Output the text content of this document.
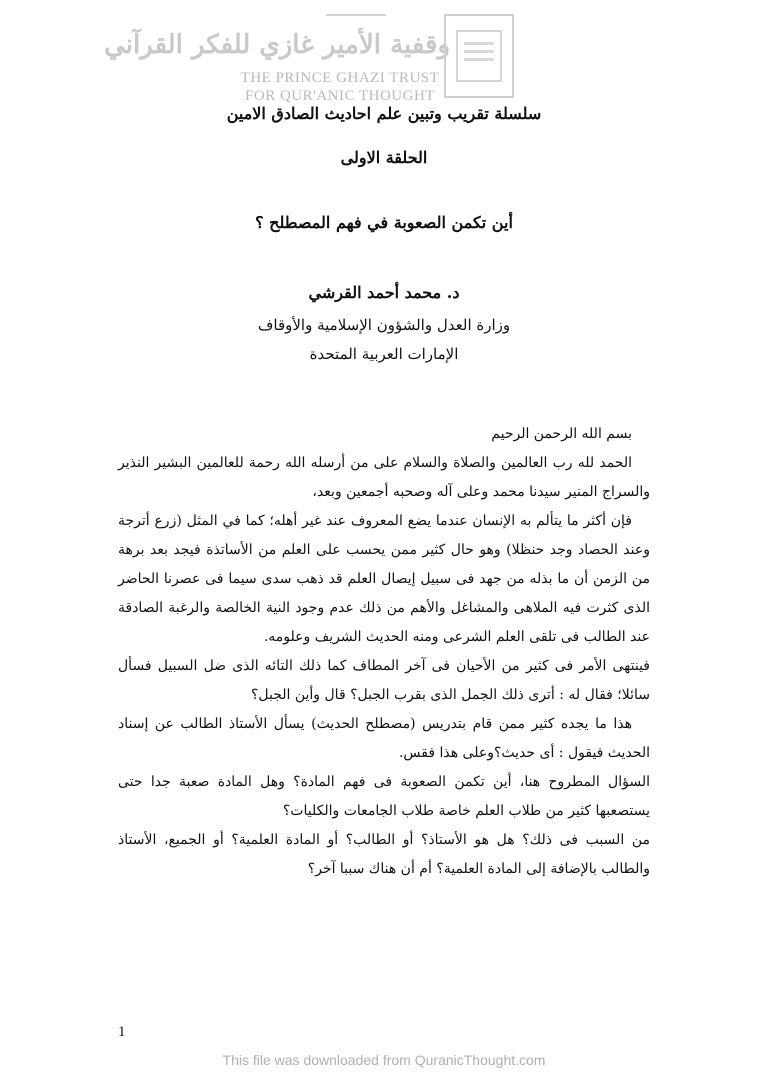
وقفية الأمير غازي للفكر القرآني
THE PRINCE GHAZI TRUST
FOR QUR'ANIC THOUGHT
سلسلة تقريب وتبين علم احاديث الصادق الامين
الحلقة الاولى
أين تكمن الصعوبة في فهم المصطلح ؟
د. محمد أحمد القرشي
وزارة العدل والشؤون الإسلامية والأوقاف
الإمارات العربية المتحدة

بسم الله الرحمن الرحيم

الحمد لله رب العالمين والصلاة والسلام على من أرسله الله رحمة للعالمين البشير النذير والسراج المنير سيدنا محمد وعلى آله وصحبه أجمعين وبعد،

فإن أكثر ما يتألم به الإنسان عندما يضع المعروف عند غير أهله؛ كما في المثل (زرع أترجة وعند الحصاد وجد حنظلا) وهو حال كثير ممن يحسب على العلم من الأساتذة فيجد بعد برهة من الزمن أن ما بذله من جهد فى سبيل إيصال العلم قد ذهب سدى سيما فى عصرنا الحاضر الذى كثرت فيه الملاهى والمشاغل والأهم من ذلك عدم وجود النية الخالصة والرغبة الصادقة عند الطالب فى تلقى العلم الشرعى ومنه الحديث الشريف وعلومه.

فينتهى الأمر فى كثير من الأحيان فى آخر المطاف كما ذلك التائه الذى ضل السبيل فسأل سائلا؛ فقال له : أترى ذلك الجمل الذى بقرب الجبل؟ قال وأين الجبل؟

هذا ما يجده كثير ممن قام بتدريس (مصطلح الحديث) يسأل الأستاذ الطالب عن إسناد الحديث فيقول : أى حديث؟وعلى هذا فقس.

السؤال المطروح هنا، أين تكمن الصعوبة فى فهم المادة؟ وهل المادة صعبة جدا حتى يستصعبها كثير من طلاب العلم خاصة طلاب الجامعات والكليات؟

من السبب فى ذلك؟ هل هو الأستاذ؟ أو الطالب؟ أو المادة العلمية؟ أو الجميع، الأستاذ والطالب بالإضافة إلى المادة العلمية؟ أم أن هناك سببا آخر؟

1
This file was downloaded from QuranicThought.com
